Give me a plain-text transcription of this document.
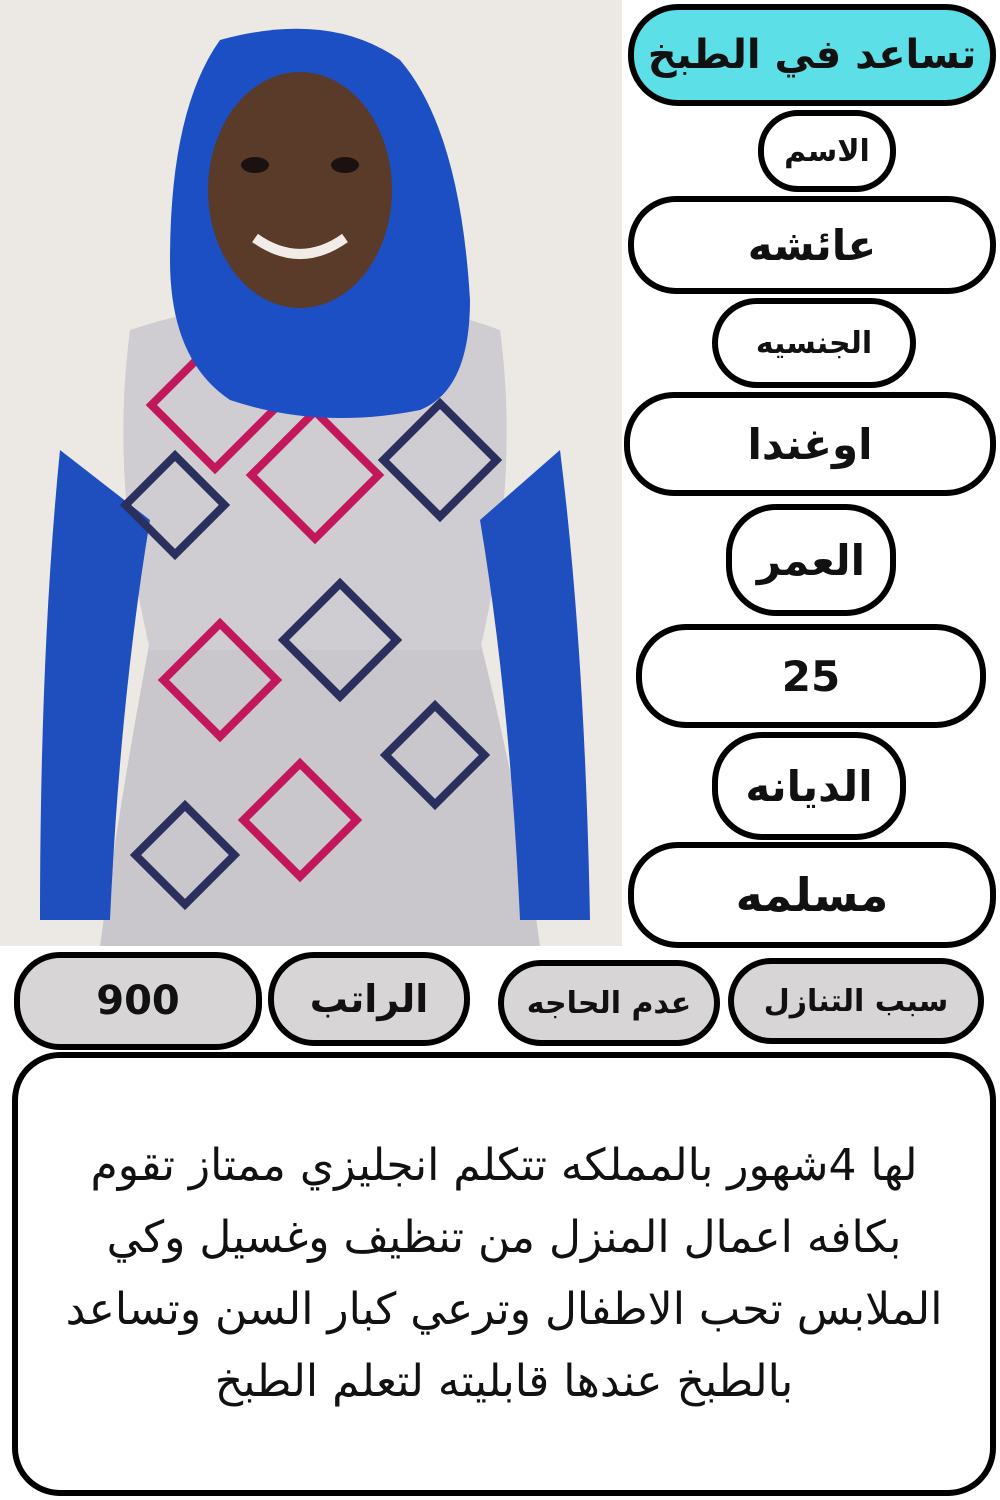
تساعد في الطبخ
الاسم
عائشه
الجنسيه
اوغندا
العمر
25
الديانه
مسلمه
900	الراتب	عدم الحاجه سبب التنازل

لها 4شهور بالمملكه تتكلم انجليزي ممتاز تقوم بكافه اعمال المنزل من تنظيف وغسيل وكي الملابس تحب الاطفال وترعي كبار السن وتساعد بالطبخ عندها قابليته لتعلم الطبخ
